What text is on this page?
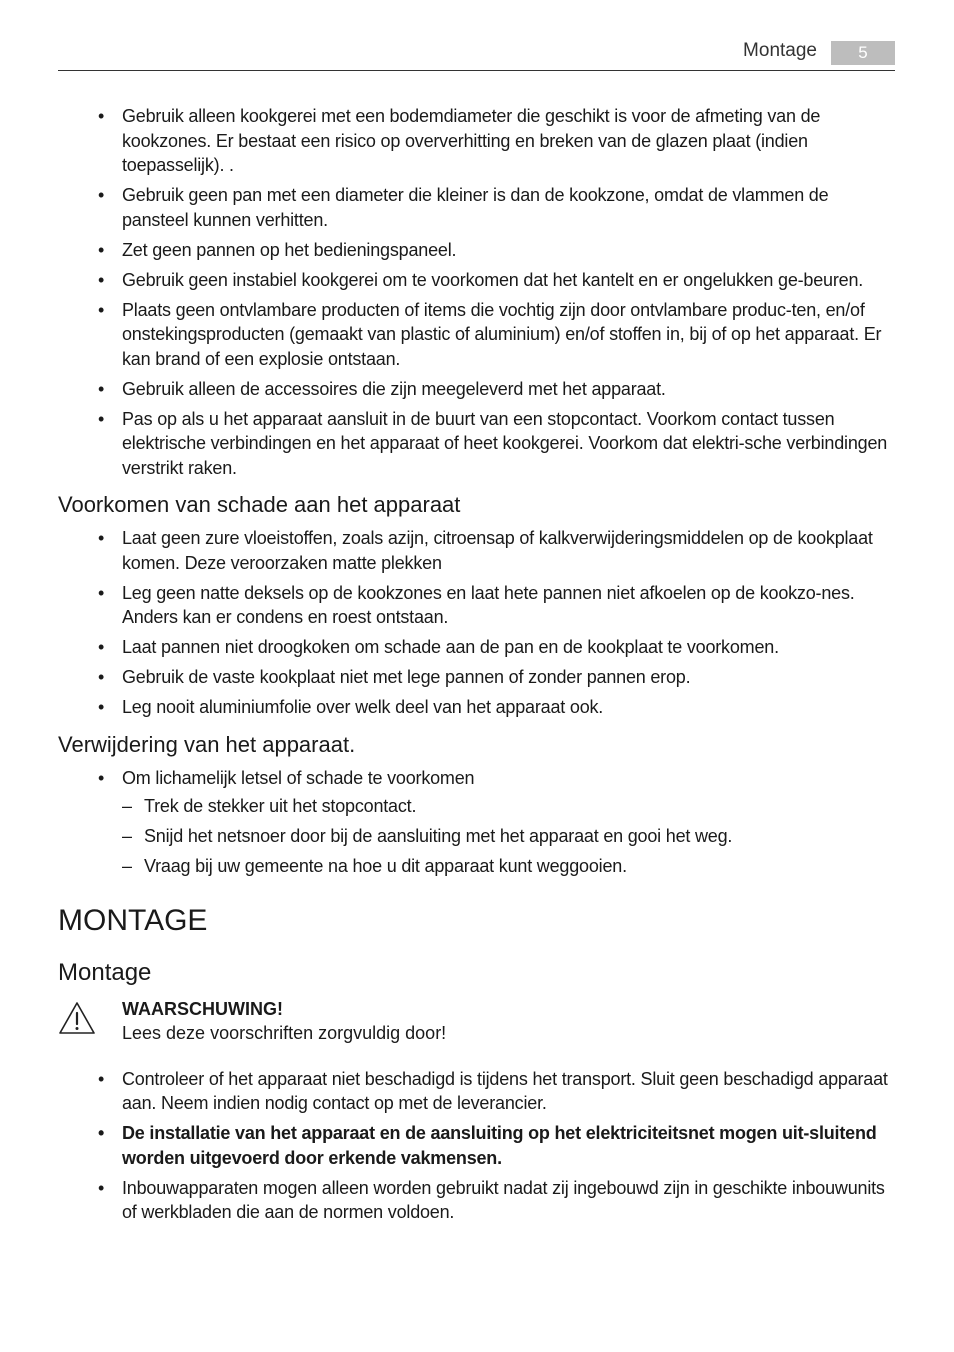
Montage	5
• Gebruik alleen kookgerei met een bodemdiameter die geschikt is voor de afmeting van de kookzones. Er bestaat een risico op oververhitting en breken van de glazen plaat (indien toepasselijk). .
• Gebruik geen pan met een diameter die kleiner is dan de kookzone, omdat de vlammen de pansteel kunnen verhitten.
• Zet geen pannen op het bedieningspaneel.
• Gebruik geen instabiel kookgerei om te voorkomen dat het kantelt en er ongelukken ge-beuren.
• Plaats geen ontvlambare producten of items die vochtig zijn door ontvlambare produc-ten, en/of onstekingsproducten (gemaakt van plastic of aluminium) en/of stoffen in, bij of op het apparaat. Er kan brand of een explosie ontstaan.
• Gebruik alleen de accessoires die zijn meegeleverd met het apparaat.
• Pas op als u het apparaat aansluit in de buurt van een stopcontact. Voorkom contact tussen elektrische verbindingen en het apparaat of heet kookgerei. Voorkom dat elektri-sche verbindingen verstrikt raken.
Voorkomen van schade aan het apparaat
• Laat geen zure vloeistoffen, zoals azijn, citroensap of kalkverwijderingsmiddelen op de kookplaat komen. Deze veroorzaken matte plekken
• Leg geen natte deksels op de kookzones en laat hete pannen niet afkoelen op de kookzo-nes. Anders kan er condens en roest ontstaan.
• Laat pannen niet droogkoken om schade aan de pan en de kookplaat te voorkomen.
• Gebruik de vaste kookplaat niet met lege pannen of zonder pannen erop.
• Leg nooit aluminiumfolie over welk deel van het apparaat ook.
Verwijdering van het apparaat.
• Om lichamelijk letsel of schade te voorkomen
– Trek de stekker uit het stopcontact.
– Snijd het netsnoer door bij de aansluiting met het apparaat en gooi het weg.
– Vraag bij uw gemeente na hoe u dit apparaat kunt weggooien.
MONTAGE
Montage
WAARSCHUWING!
Lees deze voorschriften zorgvuldig door!
• Controleer of het apparaat niet beschadigd is tijdens het transport. Sluit geen beschadigd apparaat aan. Neem indien nodig contact op met de leverancier.
• De installatie van het apparaat en de aansluiting op het elektriciteitsnet mogen uit-sluitend worden uitgevoerd door erkende vakmensen.
• Inbouwapparaten mogen alleen worden gebruikt nadat zij ingebouwd zijn in geschikte inbouwunits of werkbladen die aan de normen voldoen.
